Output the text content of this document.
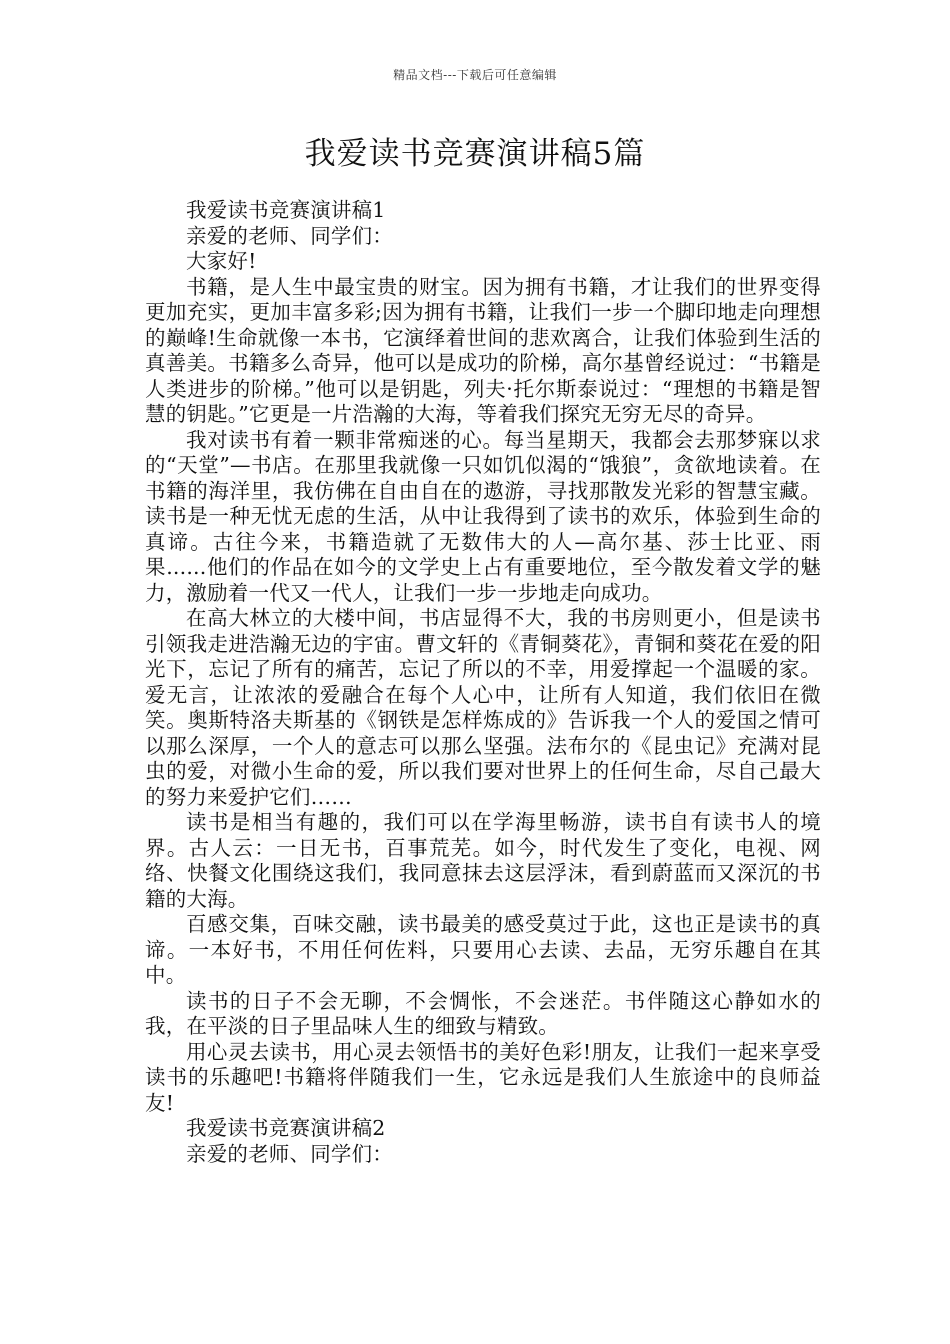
精品文档---下载后可任意编辑
我爱读书竞赛演讲稿5篇

我爱读书竞赛演讲稿1

亲爱的老师、同学们：

大家好!

书籍，是人生中最宝贵的财宝。因为拥有书籍，才让我们的世界变得更加充实，更加丰富多彩;因为拥有书籍，让我们一步一个脚印地走向理想的巅峰!生命就像一本书，它演绎着世间的悲欢离合，让我们体验到生活的真善美。书籍多么奇异，他可以是成功的阶梯，高尔基曾经说过：“书籍是人类进步的阶梯。”他可以是钥匙，列夫·托尔斯泰说过：“理想的书籍是智慧的钥匙。”它更是一片浩瀚的大海，等着我们探究无穷无尽的奇异。

我对读书有着一颗非常痴迷的心。每当星期天，我都会去那梦寐以求的“天堂”—书店。在那里我就像一只如饥似渴的“饿狼”，贪欲地读着。在书籍的海洋里，我仿佛在自由自在的遨游，寻找那散发光彩的智慧宝藏。读书是一种无忧无虑的生活，从中让我得到了读书的欢乐，体验到生命的真谛。古往今来，书籍造就了无数伟大的人—高尔基、莎士比亚、雨果......他们的作品在如今的文学史上占有重要地位，至今散发着文学的魅力，激励着一代又一代人，让我们一步一步地走向成功。

在高大林立的大楼中间，书店显得不大，我的书房则更小，但是读书引领我走进浩瀚无边的宇宙。曹文轩的《青铜葵花》，青铜和葵花在爱的阳光下，忘记了所有的痛苦，忘记了所以的不幸，用爱撑起一个温暖的家。爱无言，让浓浓的爱融合在每个人心中，让所有人知道，我们依旧在微笑。奥斯特洛夫斯基的《钢铁是怎样炼成的》告诉我一个人的爱国之情可以那么深厚，一个人的意志可以那么坚强。法布尔的《昆虫记》充满对昆虫的爱，对微小生命的爱，所以我们要对世界上的任何生命，尽自己最大的努力来爱护它们……

读书是相当有趣的，我们可以在学海里畅游，读书自有读书人的境界。古人云：一日无书，百事荒芜。如今，时代发生了变化，电视、网络、快餐文化围绕这我们，我同意抹去这层浮沫，看到蔚蓝而又深沉的书籍的大海。

百感交集，百味交融，读书最美的感受莫过于此，这也正是读书的真谛。一本好书，不用任何佐料，只要用心去读、去品，无穷乐趣自在其中。

读书的日子不会无聊，不会惆怅，不会迷茫。书伴随这心静如水的我，在平淡的日子里品味人生的细致与精致。

用心灵去读书，用心灵去领悟书的美好色彩!朋友，让我们一起来享受读书的乐趣吧!书籍将伴随我们一生，它永远是我们人生旅途中的良师益友!

我爱读书竞赛演讲稿2

亲爱的老师、同学们：
